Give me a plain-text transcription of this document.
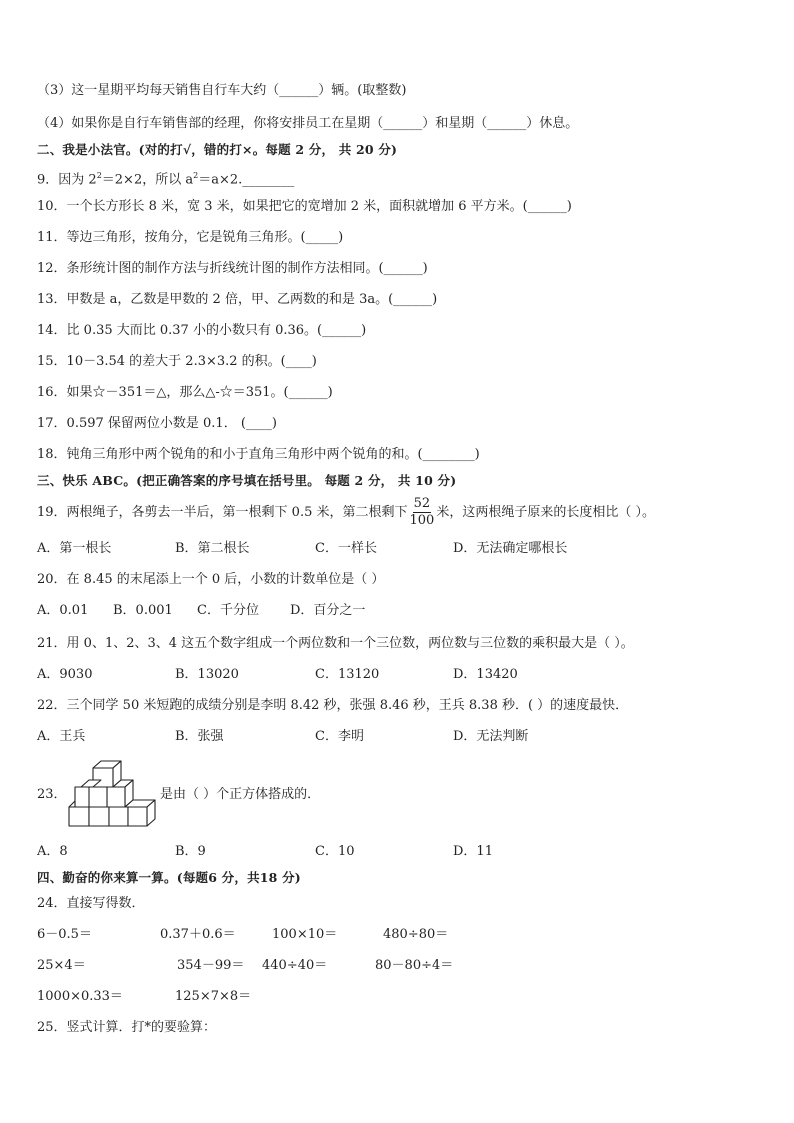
（3）这一星期平均每天销售自行车大约（______）辆。(取整数)
（4）如果你是自行车销售部的经理，你将安排员工在星期（______）和星期（______）休息。
二、我是小法官。(对的打√，错的打×。每题 2 分， 共 20 分)
9．因为 $2^2=2\times 2$，所以 $a^2=a\times 2.\_\_\_\_\_\_\_\_$
10．一个长方形长 8 米，宽 3 米，如果把它的宽增加 2 米，面积就增加 6 平方米。(______)
11．等边三角形，按角分，它是锐角三角形。(_____)
12．条形统计图的制作方法与折线统计图的制作方法相同。(______)
13．甲数是 a，乙数是甲数的 2 倍，甲、乙两数的和是 3a。(______)
14．比 0.35 大而比 0.37 小的小数只有 0.36。(______)
15．10－3.54 的差大于 2.3×3.2 的积。(____)
16．如果☆－351＝△，那么△-☆＝351。(______)
17．0.597 保留两位小数是 0.1． (____)
18．钝角三角形中两个锐角的和小于直角三角形中两个锐角的和。(________)
三、快乐 ABC。(把正确答案的序号填在括号里。 每题 2 分， 共 10 分)
19．两根绳子，各剪去一半后，第一根剩下 0.5 米，第二根剩下 $\frac{52}{100}$ 米，这两根绳子原来的长度相比（ ）。
A．第一根长	B．第二根长	C．一样长	D．无法确定哪根长
20．在 8.45 的末尾添上一个 0 后，小数的计数单位是（ ）
A．0.01 B．0.001 C．千分位 D．百分之一
21．用 0、1、2、3、4 这五个数字组成一个两位数和一个三位数，两位数与三位数的乘积最大是（ ）。
A．9030	B．13020	C．13120	D．13420
22．三个同学 50 米短跑的成绩分别是李明 8.42 秒，张强 8.46 秒，王兵 8.38 秒．( ）的速度最快．
A．王兵	B．张强	C．李明	D．无法判断
23．	是由（ ）个正方体搭成的．
A．8	B．9	C．10	D．11
四、勤奋的你来算一算。(每题6 分，共18 分)
24．直接写得数．
6－0.5＝	0.37＋0.6＝	100×10＝	480÷80＝
25×4＝	354－99＝ 440÷40＝	80－80÷4＝
1000×0.33＝	125×7×8＝
25．竖式计算．打*的要验算：
